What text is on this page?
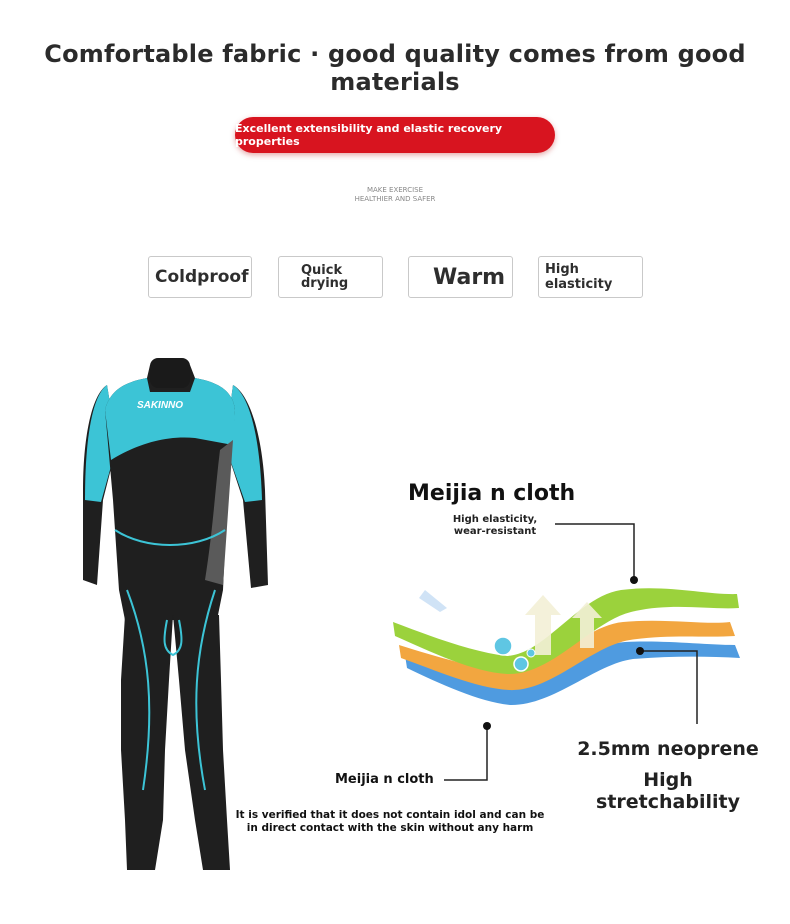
Comfortable fabric · good quality comes from good materials
Excellent extensibility and elastic recovery properties
MAKE EXERCISE
HEALTHIER AND SAFER
Coldproof	Quick
drying	Warm	High elasticity
SAKINNO
Meijia n cloth
High elasticity,
wear-resistant
2.5mm neoprene
High stretchability
Meijia n cloth
It is verified that it does not contain idol and can be
in direct contact with the skin without any harm
